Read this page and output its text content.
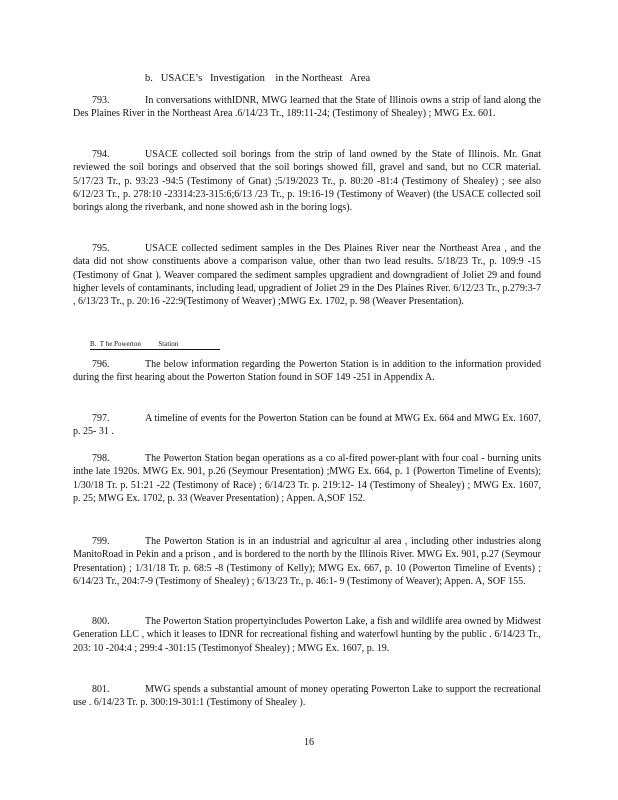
b.   USACE’s   Investigation    in the Northeast   Area

793.	In conversations withIDNR, MWG learned that the State of Illinois owns a strip of land along the Des Plaines River in the Northeast Area .6/14/23 Tr., 189:11-24; (Testimony of Shealey) ; MWG Ex. 601.

794.	USACE collected soil borings from the strip of land owned by the State of Illinois. Mr. Gnat reviewed the soil borings and observed that the soil borings showed fill, gravel and sand, but no CCR material. 5/17/23 Tr., p. 93:23 -94:5 (Testimony of Gnat) ;5/19/2023 Tr., p. 80:20 -81:4 (Testimony of Shealey) ; see also 6/12/23 Tr., p. 278:10 -23314:23-315:6;6/13 /23 Tr., p. 19:16-19 (Testimony of Weaver) (the USACE collected soil borings along the riverbank, and none showed ash in the boring logs).

795.	USACE collected sediment samples in the Des Plaines River near the Northeast Area , and the data did not show constituents above a comparison value, other than two lead results. 5/18/23 Tr., p. 109:9 -15 (Testimony of Gnat ). Weaver compared the sediment samples upgradient and downgradient of Joliet 29 and found higher levels of contaminants, including lead, upgradient of Joliet 29 in the Des Plaines River. 6/12/23 Tr., p.279:3-7 , 6/13/23 Tr., p. 20:16 -22:9(Testimony of Weaver) ;MWG Ex. 1702, p. 98 (Weaver Presentation).

B.  T he Powerton          Station

796.	The below information regarding the Powerton Station is in addition to the information provided during the first hearing about the Powerton Station found in SOF 149 -251 in Appendix A.

797.	A timeline of events for the Powerton Station can be found at MWG Ex. 664 and MWG Ex. 1607, p. 25- 31 .

798.	The Powerton Station began operations as a co al-fired power-plant with four coal - burning units inthe late 1920s. MWG Ex. 901, p.26 (Seymour Presentation) ;MWG Ex. 664, p. 1 (Powerton Timeline of Events); 1/30/18 Tr. p. 51:21 -22 (Testimony of Race) ; 6/14/23 Tr. p. 219:12- 14 (Testimony of Shealey) ; MWG Ex. 1607, p. 25; MWG Ex. 1702, p. 33 (Weaver Presentation) ; Appen. A,SOF 152.

799.	The Powerton Station is in an industrial and agricultur al area , including other industries along ManitoRoad in Pekin and a prison , and is bordered to the north by the Illinois River. MWG Ex. 901, p.27 (Seymour Presentation) ; 1/31/18 Tr. p. 68:5 -8 (Testimony of Kelly); MWG Ex. 667, p. 10 (Powerton Timeline of Events) ; 6/14/23 Tr., 204:7-9 (Testimony of Shealey) ; 6/13/23 Tr., p. 46:1- 9 (Testimony of Weaver); Appen. A, SOF 155.

800.	The Powerton Station propertyincludes Powerton Lake, a fish and wildlife area owned by Midwest Generation LLC , which it leases to IDNR for recreational fishing and waterfowl hunting by the public . 6/14/23 Tr., 203: 10 -204:4 ; 299:4 -301:15 (Testimonyof Shealey) ; MWG Ex. 1607, p. 19.

801.	MWG spends a substantial amount of money operating Powerton Lake to support the recreational use . 6/14/23 Tr. p. 300:19-301:1 (Testimony of Shealey ).

16
